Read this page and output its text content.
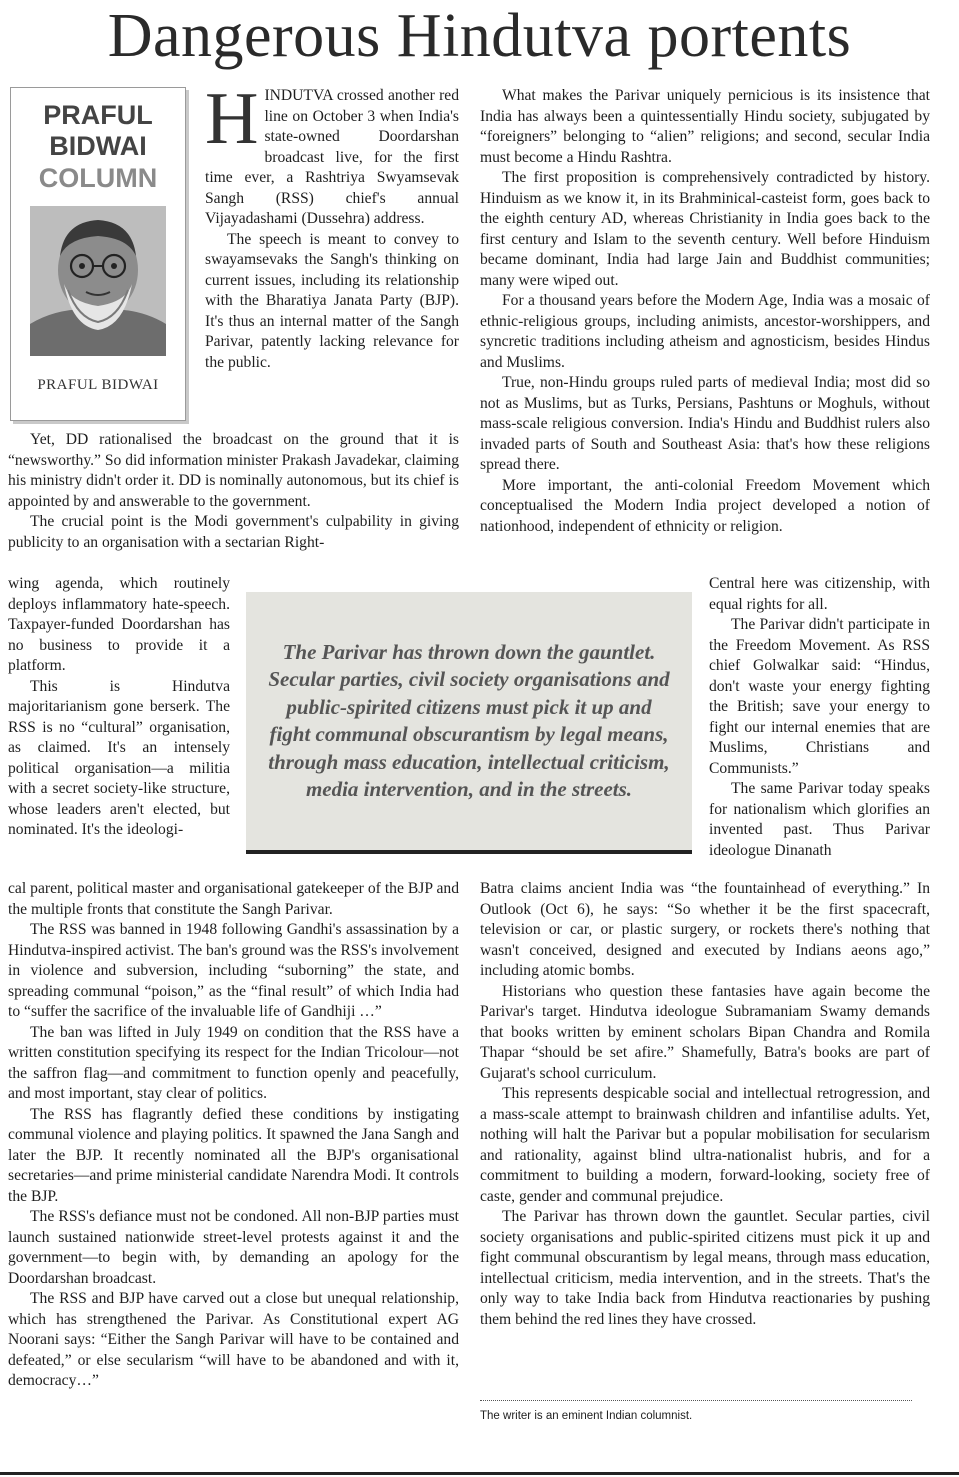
Dangerous Hindutva portents
PRAFUL
BIDWAI
COLUMN
PRAFUL BIDWAI

HINDUTVA crossed another red line on October 3 when India's state-owned Doordarshan broadcast live, for the first time ever, a Rashtriya Swyamsevak Sangh (RSS) chief's annual Vijayadashami (Dussehra) address.

The speech is meant to convey to swayamsevaks the Sangh's thinking on current issues, including its relationship with the Bharatiya Janata Party (BJP). It's thus an internal matter of the Sangh Parivar, patently lacking relevance for the public.

Yet, DD rationalised the broadcast on the ground that it is “newsworthy.” So did information minister Prakash Javadekar, claiming his ministry didn't order it. DD is nominally autonomous, but its chief is appointed by and answerable to the government.

The crucial point is the Modi government's culpability in giving publicity to an organisation with a sectarian Right-

wing agenda, which routinely deploys inflammatory hate-speech. Taxpayer-funded Doordarshan has no business to provide it a platform.

This is Hindutva majoritarianism gone berserk. The RSS is no “cultural” organisation, as claimed. It's an intensely political organisation—a militia with a secret society-like structure, whose leaders aren't elected, but nominated. It's the ideologi-

cal parent, political master and organisational gatekeeper of the BJP and the multiple fronts that constitute the Sangh Parivar.

The RSS was banned in 1948 following Gandhi's assassination by a Hindutva-inspired activist. The ban's ground was the RSS's involvement in violence and subversion, including “suborning” the state, and spreading communal “poison,” as the “final result” of which India had to “suffer the sacrifice of the invaluable life of Gandhiji …”

The ban was lifted in July 1949 on condition that the RSS have a written constitution specifying its respect for the Indian Tricolour—not the saffron flag—and commitment to function openly and peacefully, and most important, stay clear of politics.

The RSS has flagrantly defied these conditions by instigating communal violence and playing politics. It spawned the Jana Sangh and later the BJP. It recently nominated all the BJP's organisational secretaries—and prime ministerial candidate Narendra Modi. It controls the BJP.

The RSS's defiance must not be condoned. All non-BJP parties must launch sustained nationwide street-level protests against it and the government—to begin with, by demanding an apology for the Doordarshan broadcast.

The RSS and BJP have carved out a close but unequal relationship, which has strengthened the Parivar. As Constitutional expert AG Noorani says: “Either the Sangh Parivar will have to be contained and defeated,” or else secularism “will have to be abandoned and with it, democracy…”

What makes the Parivar uniquely pernicious is its insistence that India has always been a quintessentially Hindu society, subjugated by “foreigners” belonging to “alien” religions; and second, secular India must become a Hindu Rashtra.

The first proposition is comprehensively contradicted by history. Hinduism as we know it, in its Brahminical-casteist form, goes back to the eighth century AD, whereas Christianity in India goes back to the first century and Islam to the seventh century. Well before Hinduism became dominant, India had large Jain and Buddhist communities; many were wiped out.

For a thousand years before the Modern Age, India was a mosaic of ethnic-religious groups, including animists, ancestor-worshippers, and syncretic traditions including atheism and agnosticism, besides Hindus and Muslims.

True, non-Hindu groups ruled parts of medieval India; most did so not as Muslims, but as Turks, Persians, Pashtuns or Moghuls, without mass-scale religious conversion. India's Hindu and Buddhist rulers also invaded parts of South and Southeast Asia: that's how these religions spread there.

More important, the anti-colonial Freedom Movement which conceptualised the Modern India project developed a notion of nationhood, independent of ethnicity or religion.

Central here was citizenship, with equal rights for all.

The Parivar didn't participate in the Freedom Movement. As RSS chief Golwalkar said: “Hindus, don't waste your energy fighting the British; save your energy to fight our internal enemies that are Muslims, Christians and Communists.”

The same Parivar today speaks for nationalism which glorifies an invented past. Thus Parivar ideologue Dinanath

Batra claims ancient India was “the fountainhead of everything.” In Outlook (Oct 6), he says: “So whether it be the first spacecraft, television or car, or plastic surgery, or rockets there's nothing that wasn't conceived, designed and executed by Indians aeons ago,” including atomic bombs.

Historians who question these fantasies have again become the Parivar's target. Hindutva ideologue Subramaniam Swamy demands that books written by eminent scholars Bipan Chandra and Romila Thapar “should be set afire.” Shamefully, Batra's books are part of Gujarat's school curriculum.

This represents despicable social and intellectual retrogression, and a mass-scale attempt to brainwash children and infantilise adults. Yet, nothing will halt the Parivar but a popular mobilisation for secularism and rationality, against blind ultra-nationalist hubris, and for a commitment to building a modern, forward-looking, society free of caste, gender and communal prejudice.

The Parivar has thrown down the gauntlet. Secular parties, civil society organisations and public-spirited citizens must pick it up and fight communal obscurantism by legal means, through mass education, intellectual criticism, media intervention, and in the streets. That's the only way to take India back from Hindutva reactionaries by pushing them behind the red lines they have crossed.

The Parivar has thrown down the gauntlet. Secular parties, civil society organisations and public-spirited citizens must pick it up and fight communal obscurantism by legal means, through mass education, intellectual criticism, media intervention, and in the streets.
The writer is an eminent Indian columnist.
